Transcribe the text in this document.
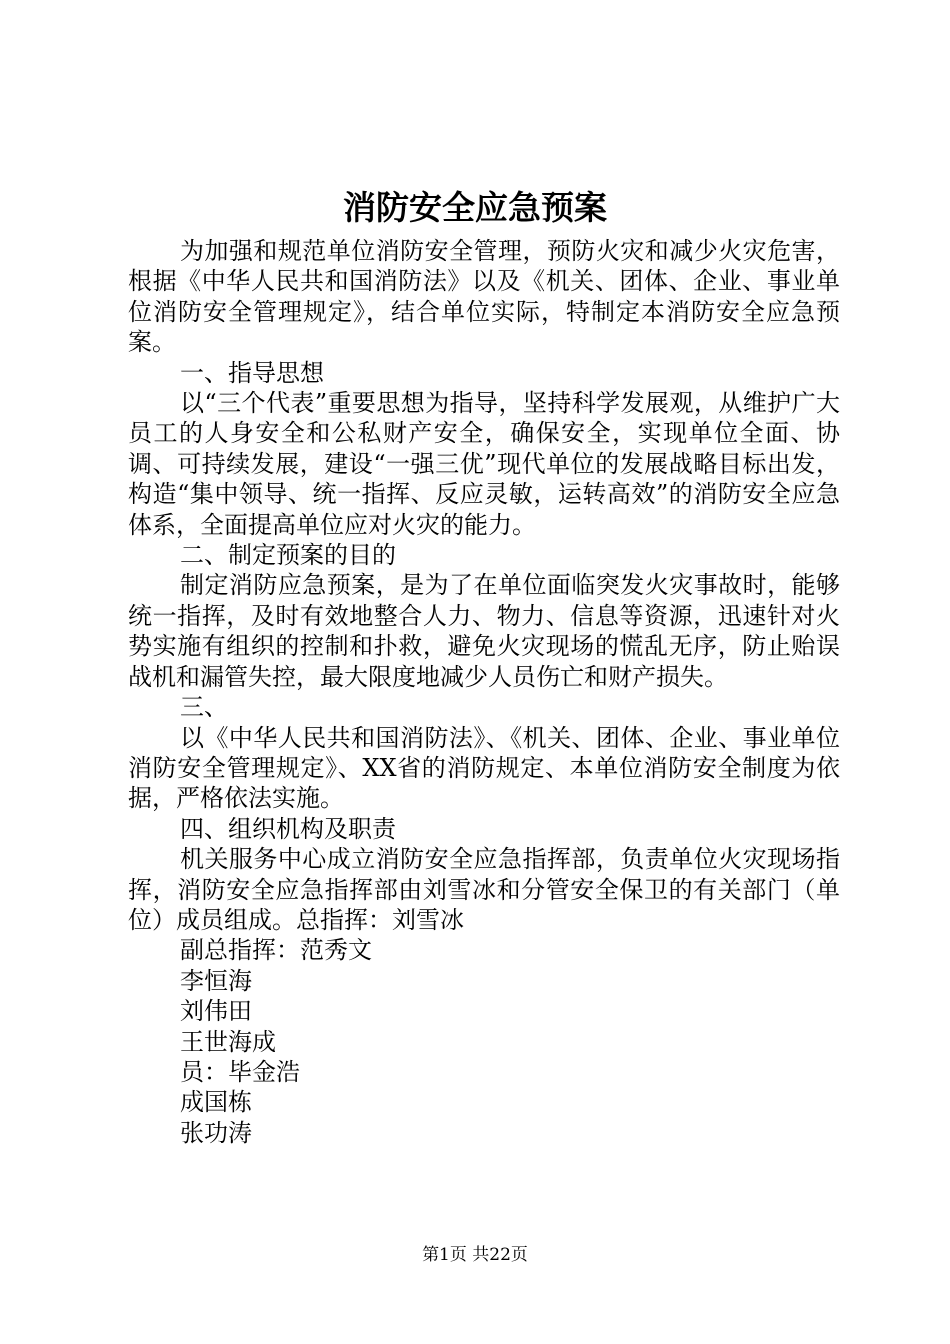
消防安全应急预案

为加强和规范单位消防安全管理，预防火灾和减少火灾危害，根据《中华人民共和国消防法》以及《机关、团体、企业、事业单位消防安全管理规定》，结合单位实际，特制定本消防安全应急预案。

一、指导思想

以“三个代表”重要思想为指导，坚持科学发展观，从维护广大员工的人身安全和公私财产安全，确保安全，实现单位全面、协调、可持续发展，建设“一强三优”现代单位的发展战略目标出发，构造“集中领导、统一指挥、反应灵敏，运转高效”的消防安全应急体系，全面提高单位应对火灾的能力。

二、制定预案的目的

制定消防应急预案，是为了在单位面临突发火灾事故时，能够统一指挥，及时有效地整合人力、物力、信息等资源，迅速针对火势实施有组织的控制和扑救，避免火灾现场的慌乱无序，防止贻误战机和漏管失控，最大限度地减少人员伤亡和财产损失。

三、

以《中华人民共和国消防法》、《机关、团体、企业、事业单位消防安全管理规定》、XX省的消防规定、本单位消防安全制度为依据，严格依法实施。

四、组织机构及职责

机关服务中心成立消防安全应急指挥部，负责单位火灾现场指挥，消防安全应急指挥部由刘雪冰和分管安全保卫的有关部门（单位）成员组成。总指挥：刘雪冰

副总指挥：范秀文

李恒海

刘伟田

王世海成

员：毕金浩

成国栋

张功涛

第1页 共22页
